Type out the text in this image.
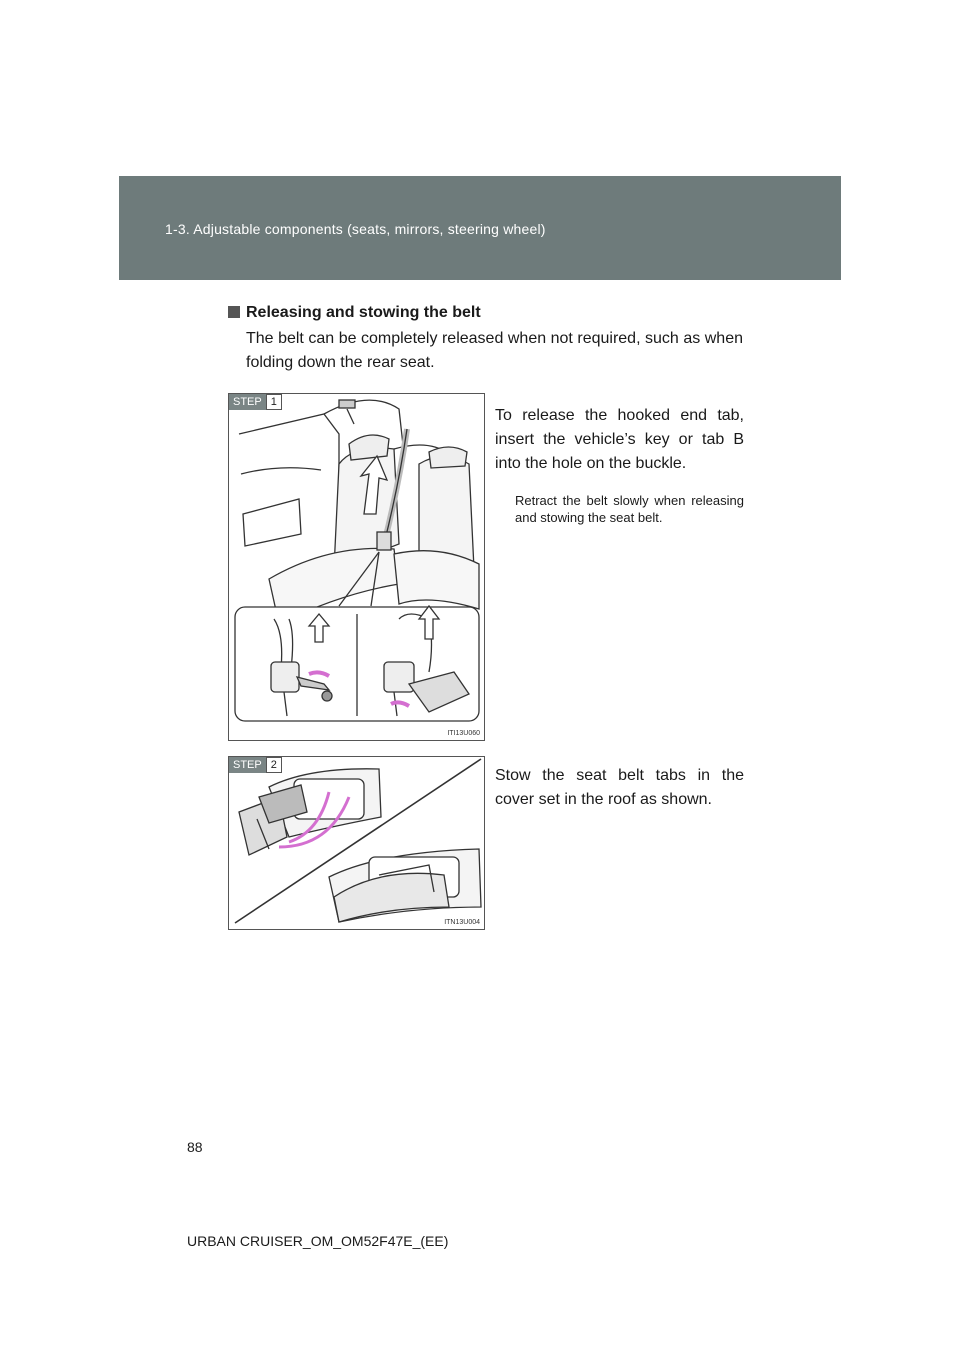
1-3. Adjustable components (seats, mirrors, steering wheel)
Releasing and stowing the belt
The belt can be completely released when not required, such as when folding down the rear seat.
STEP 1
ITI13U060
To release the hooked end tab, insert the vehicle’s key or tab B into the hole on the buckle.
Retract the belt slowly when releasing and stowing the seat belt.
STEP 2
ITN13U004
Stow the seat belt tabs in the cover set in the roof as shown.
88
URBAN CRUISER_OM_OM52F47E_(EE)
